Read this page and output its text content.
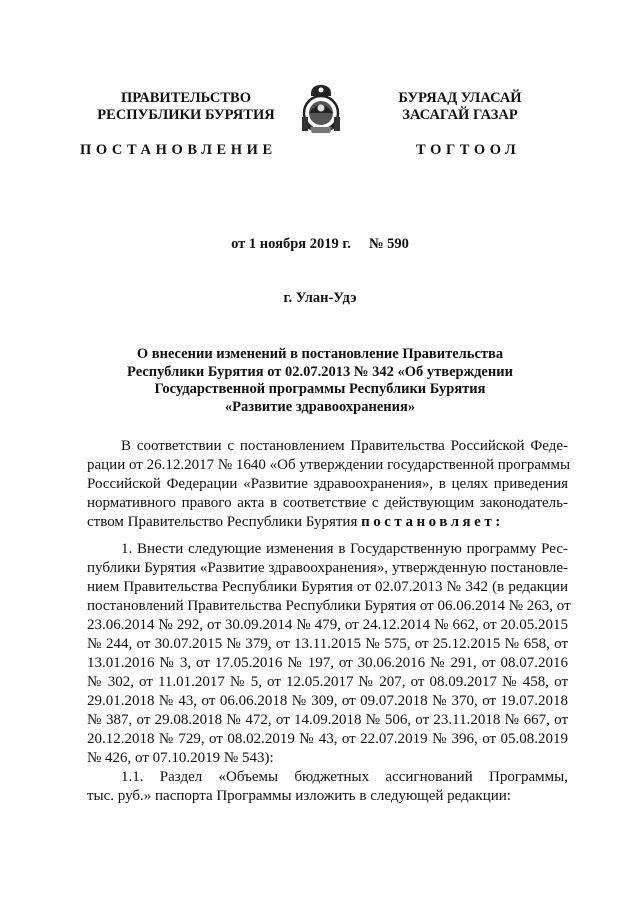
ПРАВИТЕЛЬСТВО
РЕСПУБЛИКИ БУРЯТИЯ
БУРЯАД УЛАСАЙ
ЗАСАГАЙ ГАЗАР
ПОСТАНОВЛЕНИЕ	ТОГТООЛ
от 1 ноября 2019 г. № 590
г. Улан-Удэ
О внесении изменений в постановление Правительства
Республики Бурятия от 02.07.2013 № 342 «Об утверждении
Государственной программы Республики Бурятия
«Развитие здравоохранения»
В соответствии с постановлением Правительства Российской Феде-
рации от 26.12.2017 № 1640 «Об утверждении государственной программы
Российской Федерации «Развитие здравоохранения», в целях приведения
нормативного правого акта в соответствие с действующим законодатель-
ством Правительство Республики Бурятия постановляет:
1. Внести следующие изменения в Государственную программу Рес-
публики Бурятия «Развитие здравоохранения», утвержденную постановле-
нием Правительства Республики Бурятия от 02.07.2013 № 342 (в редакции
постановлений Правительства Республики Бурятия от 06.06.2014 № 263, от
23.06.2014 № 292, от 30.09.2014 № 479, от 24.12.2014 № 662, от 20.05.2015
№ 244, от 30.07.2015 № 379, от 13.11.2015 № 575, от 25.12.2015 № 658, от
13.01.2016 № 3, от 17.05.2016 № 197, от 30.06.2016 № 291, от 08.07.2016
№ 302, от 11.01.2017 № 5, от 12.05.2017 № 207, от 08.09.2017 № 458, от
29.01.2018 № 43, от 06.06.2018 № 309, от 09.07.2018 № 370, от 19.07.2018
№ 387, от 29.08.2018 № 472, от 14.09.2018 № 506, от 23.11.2018 № 667, от
20.12.2018 № 729, от 08.02.2019 № 43, от 22.07.2019 № 396, от 05.08.2019
№ 426, от 07.10.2019 № 543):
1.1. Раздел «Объемы бюджетных ассигнований Программы,
тыс. руб.» паспорта Программы изложить в следующей редакции:
